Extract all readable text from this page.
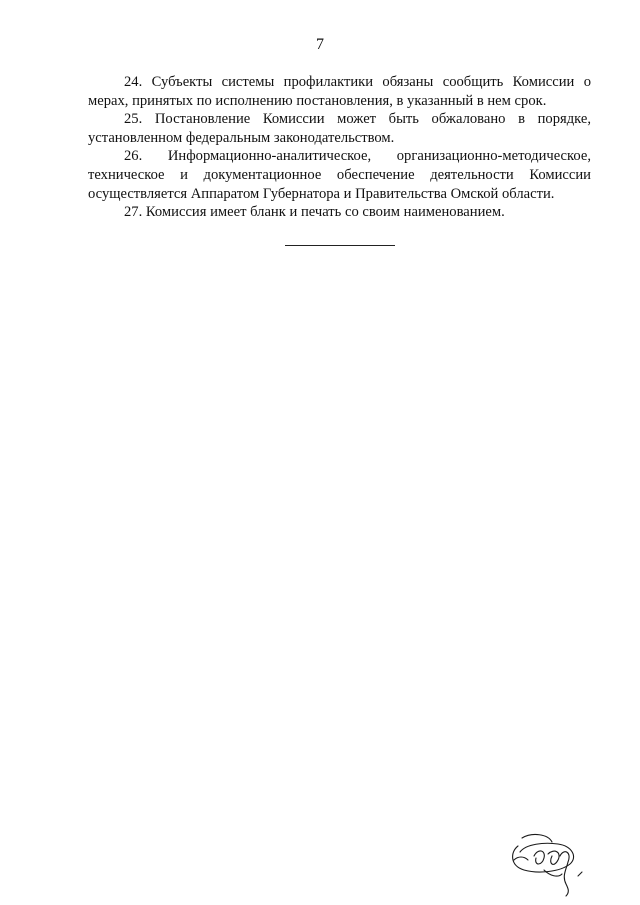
7

24. Субъекты системы профилактики обязаны сообщить Комиссии о мерах, принятых по исполнению постановления, в указанный в нем срок.

25. Постановление Комиссии может быть обжаловано в порядке, установленном федеральным законодательством.

26. Информационно-аналитическое, организационно-методическое, техническое и документационное обеспечение деятельности Комиссии осуществляется Аппаратом Губернатора и Правительства Омской области.

27. Комиссия имеет бланк и печать со своим наименованием.
